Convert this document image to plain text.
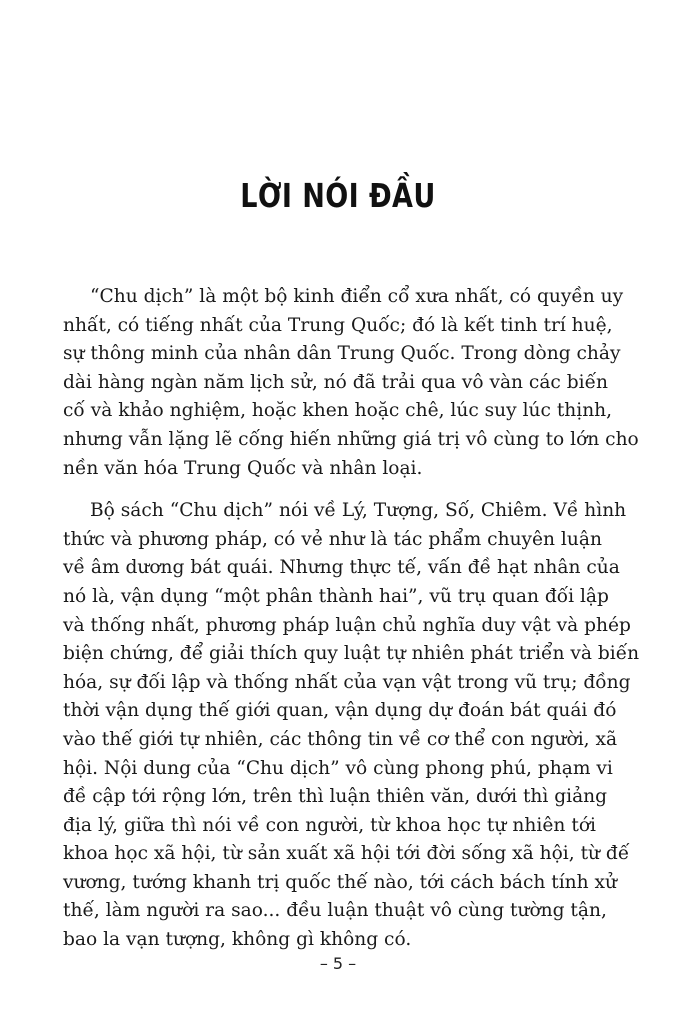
LỜI NÓI ĐẦU

“Chu dịch” là một bộ kinh điển cổ xưa nhất, có quyền uy
nhất, có tiếng nhất của Trung Quốc; đó là kết tinh trí huệ,
sự thông minh của nhân dân Trung Quốc. Trong dòng chảy
dài hàng ngàn năm lịch sử, nó đã trải qua vô vàn các biến
cố và khảo nghiệm, hoặc khen hoặc chê, lúc suy lúc thịnh,
nhưng vẫn lặng lẽ cống hiến những giá trị vô cùng to lớn cho
nền văn hóa Trung Quốc và nhân loại.

Bộ sách “Chu dịch” nói về Lý, Tượng, Số, Chiêm. Về hình
thức và phương pháp, có vẻ như là tác phẩm chuyên luận
về âm dương bát quái. Nhưng thực tế, vấn đề hạt nhân của
nó là, vận dụng “một phân thành hai”, vũ trụ quan đối lập
và thống nhất, phương pháp luận chủ nghĩa duy vật và phép
biện chứng, để giải thích quy luật tự nhiên phát triển và biến
hóa, sự đối lập và thống nhất của vạn vật trong vũ trụ; đồng
thời vận dụng thế giới quan, vận dụng dự đoán bát quái đó
vào thế giới tự nhiên, các thông tin về cơ thể con người, xã
hội. Nội dung của “Chu dịch” vô cùng phong phú, phạm vi
đề cập tới rộng lớn, trên thì luận thiên văn, dưới thì giảng
địa lý, giữa thì nói về con người, từ khoa học tự nhiên tới
khoa học xã hội, từ sản xuất xã hội tới đời sống xã hội, từ đế
vương, tướng khanh trị quốc thế nào, tới cách bách tính xử
thế, làm người ra sao... đều luận thuật vô cùng tường tận,
bao la vạn tượng, không gì không có.

– 5 –
